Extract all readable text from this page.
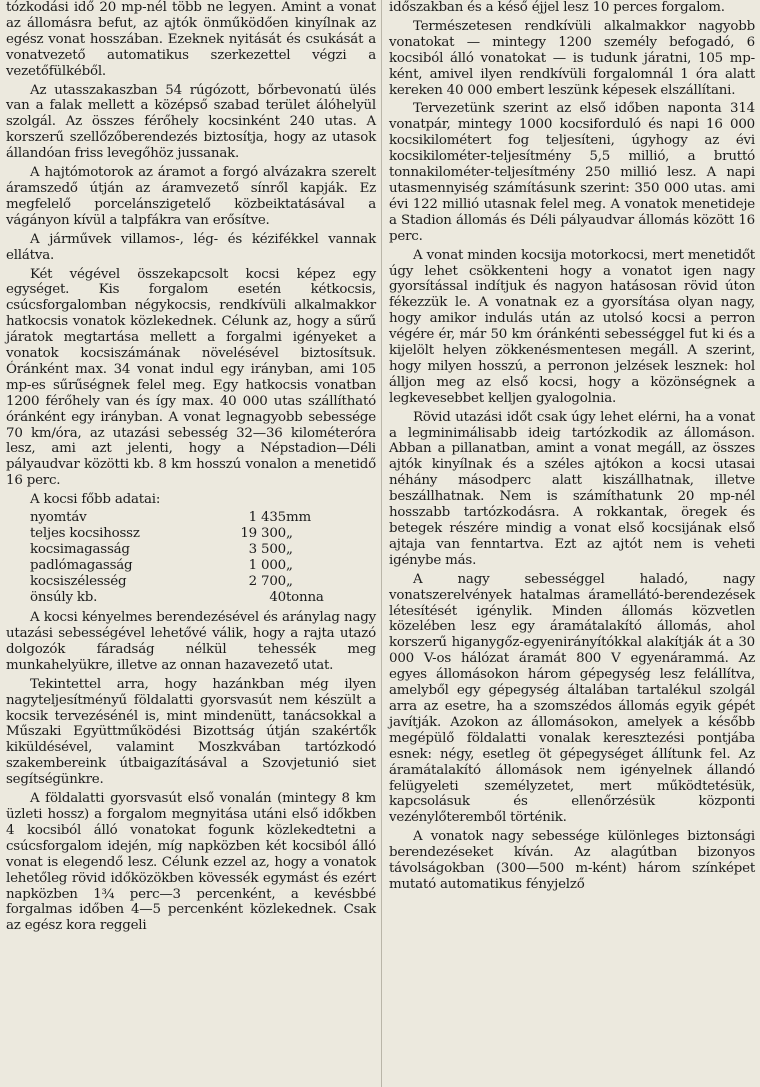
tózkodási idő 20 mp-nél több ne legyen. Amint a vonat az állomásra befut, az ajtók önműködően kinyílnak az egész vonat hosszában. Ezeknek nyitását és csukását a vonatvezető automatikus szerkezettel végzi a vezetőfülkéből.

Az utasszakaszban 54 rúgózott, bőrbevonatú ülés van a falak mellett a középső szabad terület álóhelyül szolgál. Az összes férőhely kocsinként 240 utas. A korszerű szellőzőberendezés biztosítja, hogy az utasok állandóan friss levegőhöz jussanak.

A hajtómotorok az áramot a forgó alvázakra szerelt áramszedő útján az áramvezető sínről kapják. Ez megfelelő porcelánszigetelő közbeiktatásával a vágányon kívül a talpfákra van erősítve.

A járművek villamos-, lég- és kézifékkel vannak ellátva.

Két végével összekapcsolt kocsi képez egy egységet. Kis forgalom esetén kétkocsis, csúcsforgalomban négykocsis, rendkívüli alkalmakkor hatkocsis vonatok közlekednek. Célunk az, hogy a sűrű járatok megtartása mellett a forgalmi igényeket a vonatok kocsiszámának növelésével biztosítsuk. Óránként max. 34 vonat indul egy irányban, ami 105 mp-es sűrűségnek felel meg. Egy hatkocsis vonatban 1200 férőhely van és így max. 40 000 utas szállítható óránként egy irányban. A vonat legnagyobb sebessége 70 km/óra, az utazási sebesség 32—36 kilométeróra lesz, ami azt jelenti, hogy a Népstadion—Déli pályaudvar közötti kb. 8 km hosszú vonalon a menetidő 16 perc.

A kocsi főbb adatai:

nyomtáv	1 435	mm
teljes kocsihossz	19 300	„
kocsimagasság	3 500	„
padlómagasság	1 000	„
kocsiszélesség	2 700	„
önsúly kb.	40	tonna

A kocsi kényelmes berendezésével és aránylag nagy utazási sebességével lehetővé válik, hogy a rajta utazó dolgozók fáradság nélkül tehessék meg munkahelyükre, illetve az onnan hazavezető utat.

Tekintettel arra, hogy hazánkban még ilyen nagyteljesítményű földalatti gyorsvasút nem készült a kocsik tervezésénél is, mint mindenütt, tanácsokkal a Műszaki Együttműködési Bizottság útján szakértők kiküldésével, valamint Moszkvában tartózkodó szakembereink útbaigazításával a Szovjetunió siet segítségünkre.

A földalatti gyorsvasút első vonalán (mintegy 8 km üzleti hossz) a forgalom megnyitása utáni első időkben 4 kocsiból álló vonatokat fogunk közlekedtetni a csúcsforgalom idején, míg napközben két kocsiból álló vonat is elegendő lesz. Célunk ezzel az, hogy a vonatok lehetőleg rövid időközökben kövessék egymást és ezért napközben 1¾ perc—3 percenként, a kevésbbé forgalmas időben 4—5 percenként közlekednek. Csak az egész kora reggeli

időszakban és a késő éjjel lesz 10 perces forgalom.

Természetesen rendkívüli alkalmakkor nagyobb vonatokat — mintegy 1200 személy befogadó, 6 kocsiból álló vonatokat — is tudunk járatni, 105 mp-ként, amivel ilyen rendkívüli forgalomnál 1 óra alatt kereken 40 000 embert leszünk képesek elszállítani.

Tervezetünk szerint az első időben naponta 314 vonatpár, mintegy 1000 kocsiforduló és napi 16 000 kocsikilométert fog teljesíteni, úgyhogy az évi kocsikilométer-teljesítmény 5,5 millió, a bruttó tonnakilométer-teljesítmény 250 millió lesz. A napi utasmennyiség számításunk szerint: 350 000 utas. ami évi 122 millió utasnak felel meg. A vonatok menetideje a Stadion állomás és Déli pályaudvar állomás között 16 perc.

A vonat minden kocsija motorkocsi, mert menetidőt úgy lehet csökkenteni hogy a vonatot igen nagy gyorsítással indítjuk és nagyon hatásosan rövid úton fékezzük le. A vonatnak ez a gyorsítása olyan nagy, hogy amikor indulás után az utolsó kocsi a perron végére ér, már 50 km óránkénti sebességgel fut ki és a kijelölt helyen zökkenésmentesen megáll. A szerint, hogy milyen hosszú, a perronon jelzések lesznek: hol álljon meg az első kocsi, hogy a közönségnek a legkevesebbet kelljen gyalogolnia.

Rövid utazási időt csak úgy lehet elérni, ha a vonat a legminimálisabb ideig tartózkodik az állomáson. Abban a pillanatban, amint a vonat megáll, az összes ajtók kinyílnak és a széles ajtókon a kocsi utasai néhány másodperc alatt kiszállhatnak, illetve beszállhatnak. Nem is számíthatunk 20 mp-nél hosszabb tartózkodásra. A rokkantak, öregek és betegek részére mindig a vonat első kocsijának első ajtaja van fenntartva. Ezt az ajtót nem is veheti igénybe más.

A nagy sebességgel haladó, nagy vonatszerelvények hatalmas áramellátó-berendezések létesítését igénylik. Minden állomás közvetlen közelében lesz egy áramátalakító állomás, ahol korszerű higanygőz-egyenirányítókkal alakítják át a 30 000 V-os hálózat áramát 800 V egyenárammá. Az egyes állomásokon három gépegység lesz felállítva, amelyből egy gépegység általában tartalékul szolgál arra az esetre, ha a szomszédos állomás egyik gépét javítják. Azokon az állomásokon, amelyek a később megépülő földalatti vonalak keresztezési pontjába esnek: négy, esetleg öt gépegységet állítunk fel. Az áramátalakító állomások nem igényelnek állandó felügyeleti személyzetet, mert működtetésük, kapcsolásuk és ellenőrzésük központi vezénylőteremből történik.

A vonatok nagy sebessége különleges biztonsági berendezéseket kíván. Az alagútban bizonyos távolságokban (300—500 m-ként) három színképet mutató automatikus fényjelző
